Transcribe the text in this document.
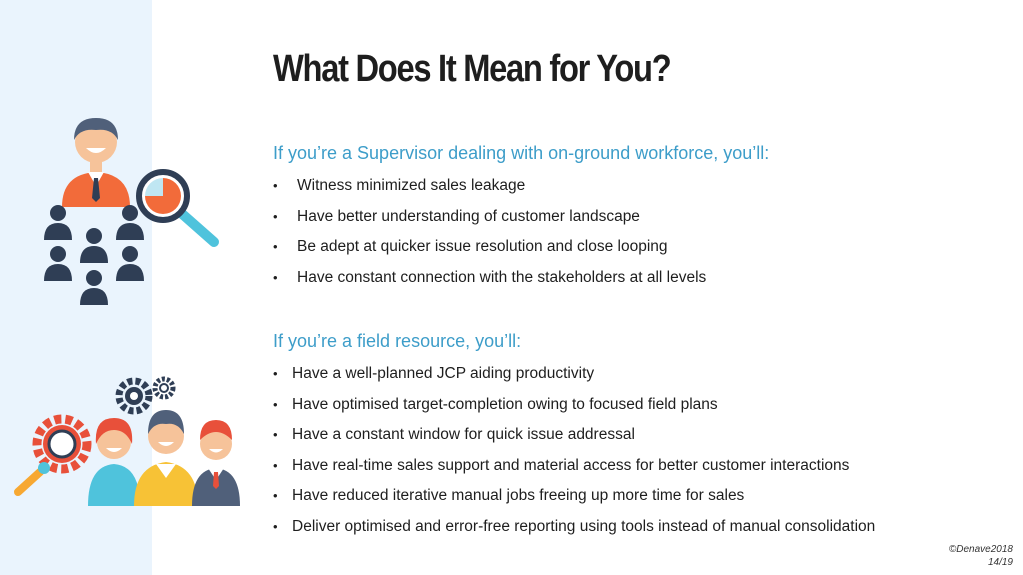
What Does It Mean for You?

If you’re a Supervisor dealing with on-ground workforce, you’ll:

• Witness minimized sales leakage
• Have better understanding of customer landscape
• Be adept at quicker issue resolution and close looping
• Have constant connection with the stakeholders at all levels

If you’re a field resource, you’ll:

• Have a well-planned JCP aiding productivity
• Have optimised target-completion owing to focused field plans
• Have a constant window for quick issue addressal
• Have real-time sales support and material access for better customer interactions
• Have reduced iterative manual jobs freeing up more time for sales
• Deliver optimised and error-free reporting using tools instead of manual consolidation
©Denave2018
14/19
